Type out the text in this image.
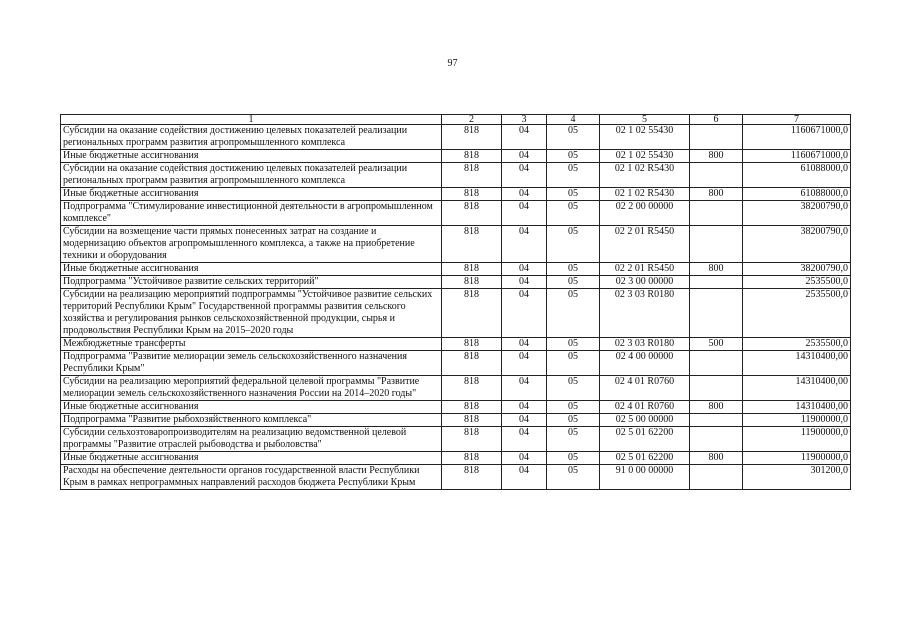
97
1	2	3	4	5	6	7
Субсидии на оказание содействия достижению целевых показателей реализации региональных программ развития агропромышленного комплекса	818	04	05	02 1 02 55430		1160671000,0
Иные бюджетные ассигнования	818	04	05	02 1 02 55430	800	1160671000,0
Субсидии на оказание содействия достижению целевых показателей реализации региональных программ развития агропромышленного комплекса	818	04	05	02 1 02 R5430		61088000,0
Иные бюджетные ассигнования	818	04	05	02 1 02 R5430	800	61088000,0
Подпрограмма "Стимулирование инвестиционной деятельности в агропромышленном комплексе"	818	04	05	02 2 00 00000		38200790,0
Субсидии на возмещение части прямых понесенных затрат на создание и модернизацию объектов агропромышленного комплекса, а также на приобретение техники и оборудования	818	04	05	02 2 01 R5450		38200790,0
Иные бюджетные ассигнования	818	04	05	02 2 01 R5450	800	38200790,0
Подпрограмма "Устойчивое развитие сельских территорий"	818	04	05	02 3 00 00000		2535500,0
Субсидии на реализацию мероприятий подпрограммы "Устойчивое развитие сельских территорий Республики Крым" Государственной программы развития сельского хозяйства и регулирования рынков сельскохозяйственной продукции, сырья и продовольствия Республики Крым на 2015–2020 годы	818	04	05	02 3 03 R0180		2535500,0
Межбюджетные трансферты	818	04	05	02 3 03 R0180	500	2535500,0
Подпрограмма "Развитие мелиорации земель сельскохозяйственного назначения Республики Крым"	818	04	05	02 4 00 00000		14310400,00
Субсидии на реализацию мероприятий федеральной целевой программы "Развитие мелиорации земель сельскохозяйственного назначения России на 2014–2020 годы"	818	04	05	02 4 01 R0760		14310400,00
Иные бюджетные ассигнования	818	04	05	02 4 01 R0760	800	14310400,00
Подпрограмма "Развитие рыбохозяйственного комплекса"	818	04	05	02 5 00 00000		11900000,0
Субсидии сельхозтоваропроизводителям на реализацию ведомственной целевой программы "Развитие отраслей рыбоводства и рыболовства"	818	04	05	02 5 01 62200		11900000,0
Иные бюджетные ассигнования	818	04	05	02 5 01 62200	800	11900000,0
Расходы на обеспечение деятельности органов государственной власти Республики Крым в рамках непрограммных направлений расходов бюджета Республики Крым	818	04	05	91 0 00 00000		301200,0
